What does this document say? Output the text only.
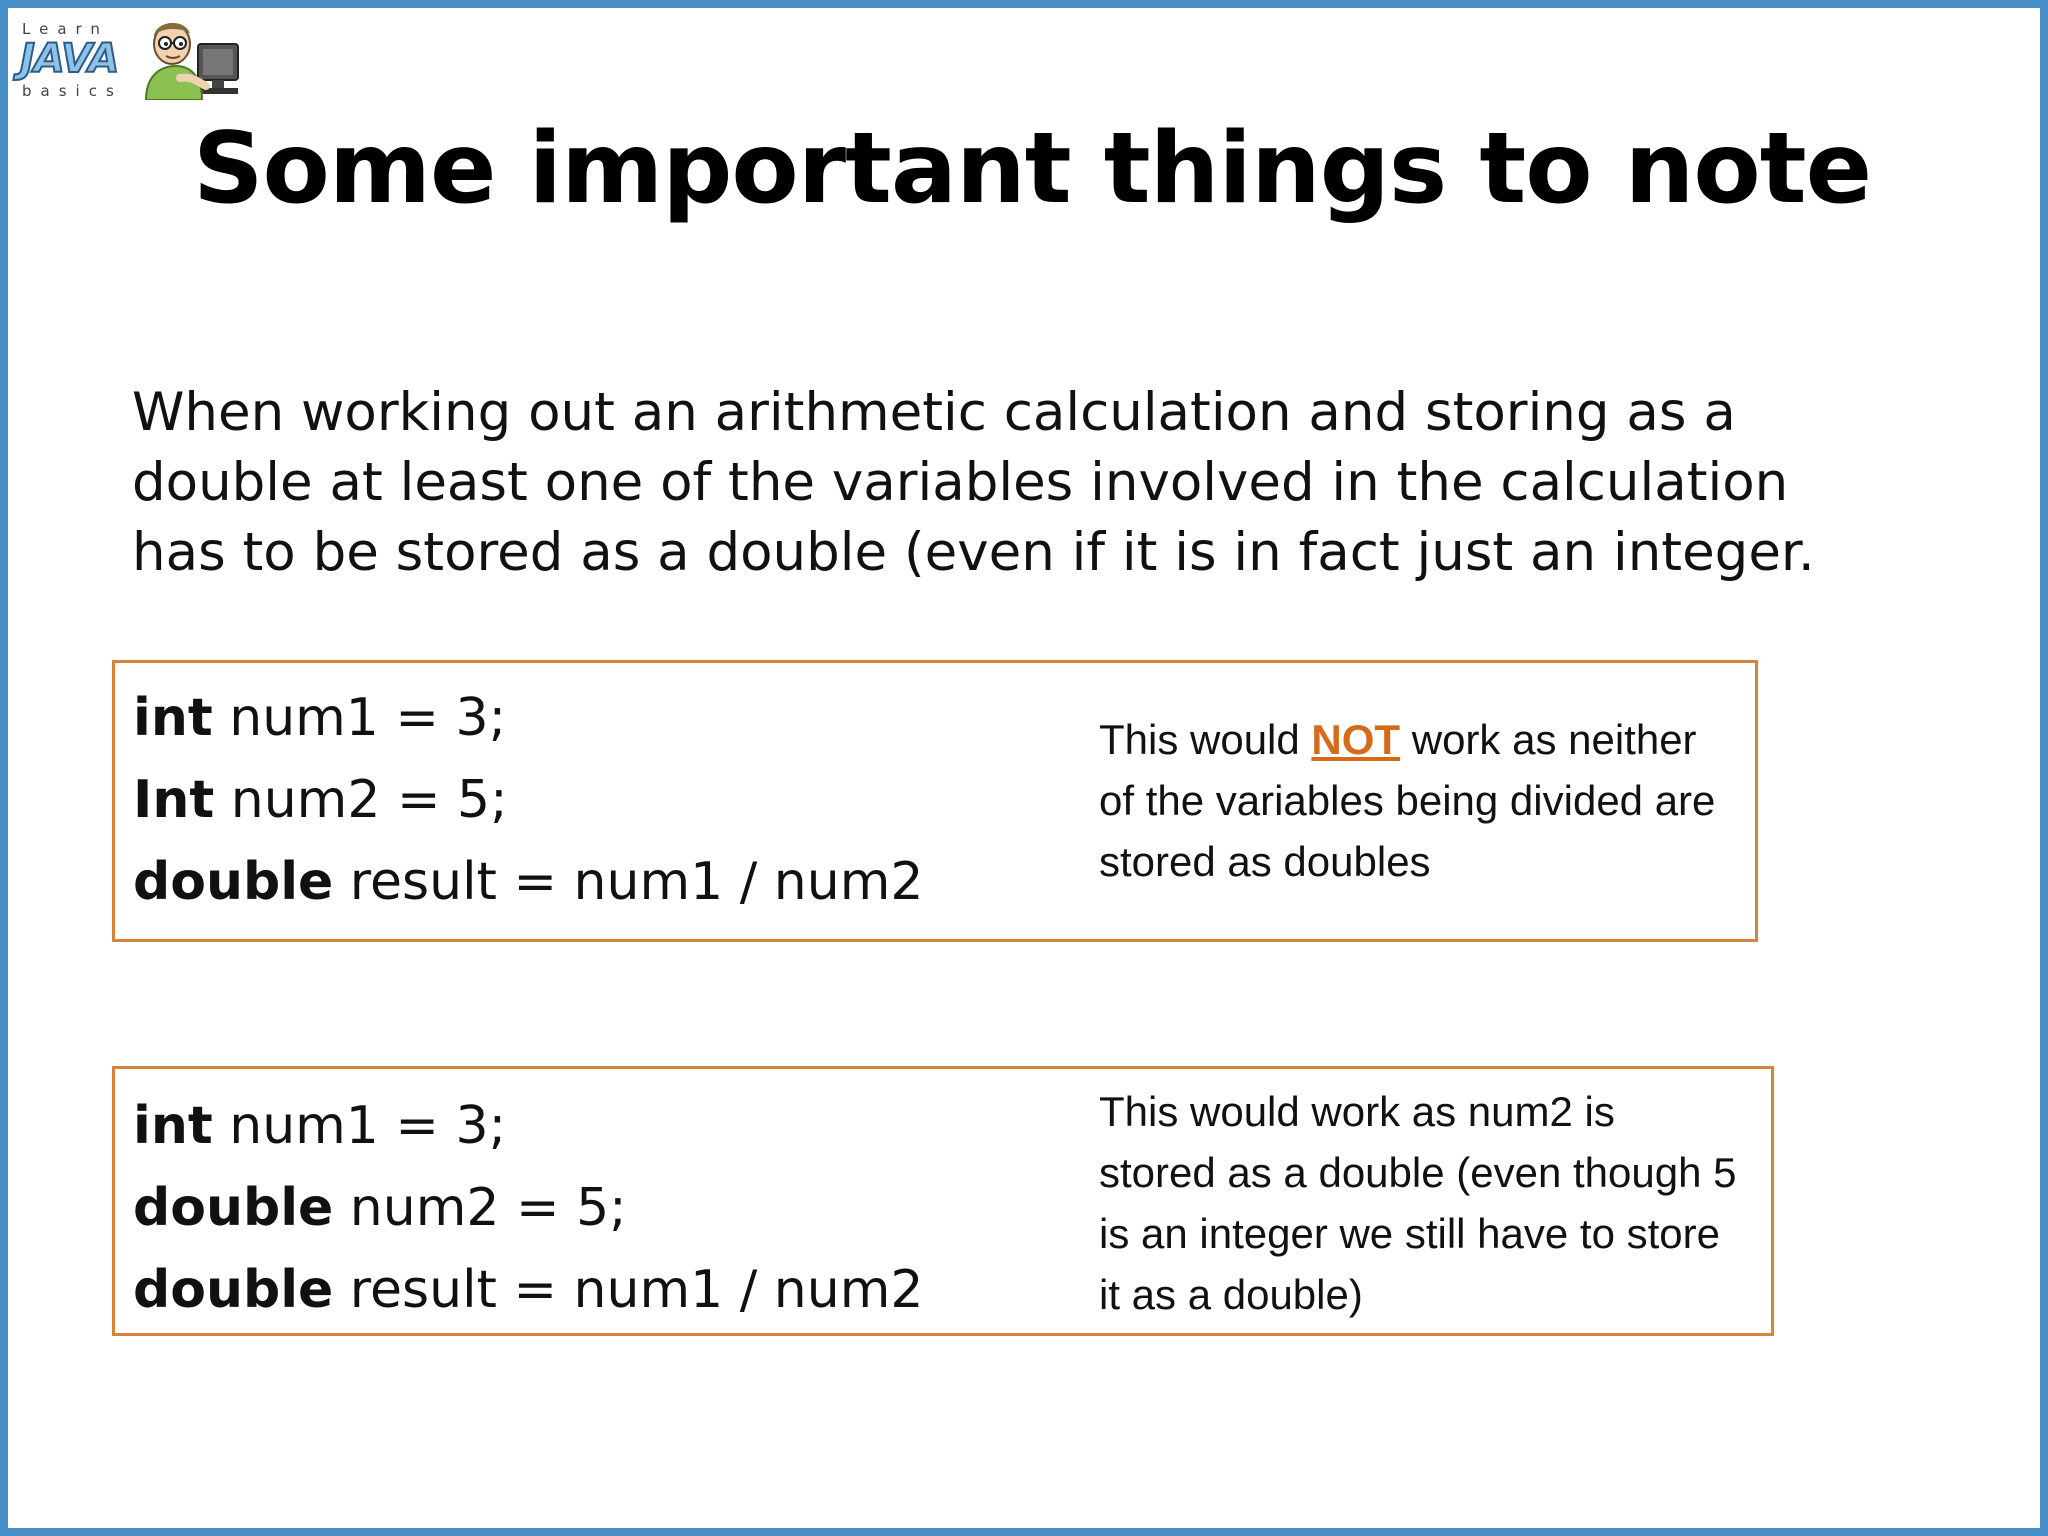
Learn
JAVA
basics
Some important things to note
When working out an arithmetic calculation and storing as a
double at least one of the variables involved in the calculation
has to be stored as a double (even if it is in fact just an integer.
int num1 = 3;
Int num2 = 5;
double result = num1 / num2
This would NOT work as neither of the variables being divided are stored as doubles
int num1 = 3;
double num2 = 5;
double result = num1 / num2
This would work as num2 is stored as a double (even though 5 is an integer we still have to store it as a double)
